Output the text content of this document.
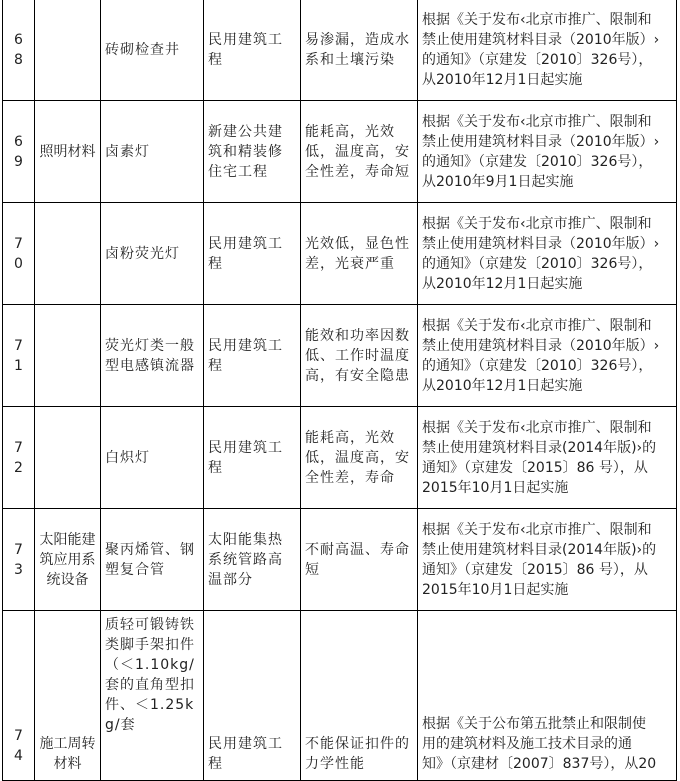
6
8		砖砌检查井	民用建筑工程	易渗漏，造成水系和土壤污染	根据《关于发布‹北京市推广、限制和
禁止使用建筑材料目录（2010年版）›
的通知》（京建发〔2010〕326号），
从2010年12月1日起实施

6
9	照明材料	卤素灯	新建公共建筑和精装修住宅工程	能耗高，光效低，温度高，安全性差，寿命短	根据《关于发布‹北京市推广、限制和
禁止使用建筑材料目录（2010年版）›
的通知》（京建发〔2010〕326号），
从2010年9月1日起实施

7
0		卤粉荧光灯	民用建筑工程	光效低，显色性差，光衰严重	根据《关于发布‹北京市推广、限制和
禁止使用建筑材料目录（2010年版）›
的通知》（京建发〔2010〕326号），
从2010年12月1日起实施

7
1		荧光灯类一般型电感镇流器	民用建筑工程	能效和功率因数低、工作时温度高，有安全隐患	根据《关于发布‹北京市推广、限制和
禁止使用建筑材料目录（2010年版）›
的通知》（京建发〔2010〕326号），
从2010年12月1日起实施

7
2		白炽灯	民用建筑工程	能耗高，光效低，温度高，安全性差，寿命	根据《关于发布‹北京市推广、限制和
禁止使用建筑材料目录(2014年版)›的
通知》（京建发〔2015〕86 号），从
2015年10月1日起实施

7
3	太阳能建筑应用系统设备	聚丙烯管、钢塑复合管	太阳能集热系统管路高温部分	不耐高温、寿命短	根据《关于发布‹北京市推广、限制和
禁止使用建筑材料目录(2014年版)›的
通知》（京建发〔2015〕86 号），从
2015年10月1日起实施

7
4	施工周转材料	质轻可锻铸铁类脚手架扣件（＜1.10kg/套的直角型扣件、＜1.25kg/套	民用建筑工程	不能保证扣件的力学性能	根据《关于公布第五批禁止和限制使
用的建筑材料及施工技术目录的通
知》（京建材〔2007〕837号），从20
